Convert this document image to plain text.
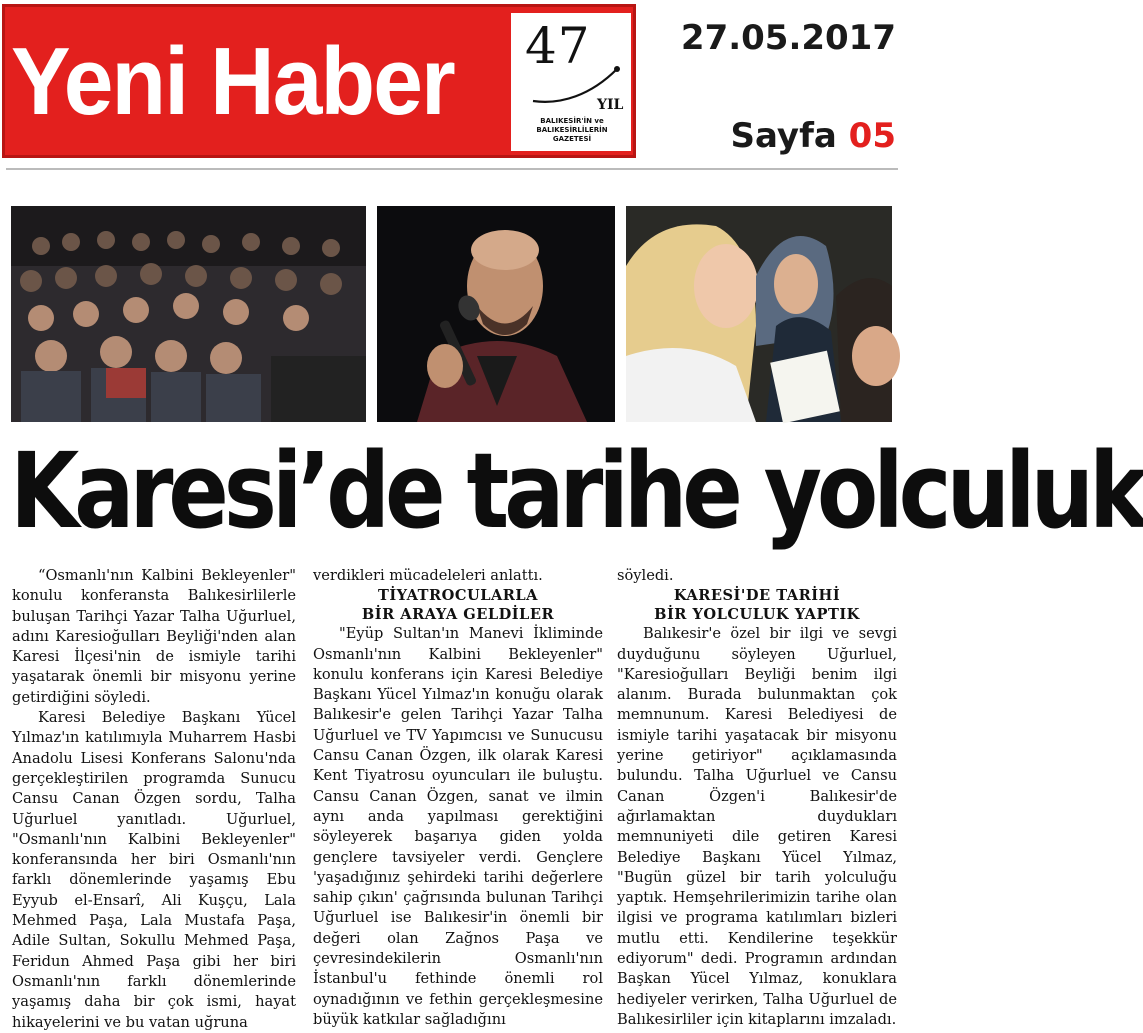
Yeni Haber	47
YIL
BALIKESİR'İN ve
BALIKESİRLİLERİN
GAZETESİ
27.05.2017
Sayfa 05
Karesi’de tarihe yolculuk

“Osmanlı'nın Kalbini Bekleyenler" konulu konferansta Balıkesirlilerle buluşan Tarihçi Yazar Talha Uğurluel, adını Karesioğulları Beyliği'nden alan Karesi İlçesi'nin de ismiyle tarihi yaşatarak önemli bir misyonu yerine getirdiğini söyledi.

Karesi Belediye Başkanı Yücel Yılmaz'ın katılımıyla Muharrem Hasbi Anadolu Lisesi Konferans Salonu'nda gerçekleştirilen programda Sunucu Cansu Canan Özgen sordu, Talha Uğurluel yanıtladı. Uğurluel, "Osmanlı'nın Kalbini Bekleyenler" konferansında her biri Osmanlı'nın farklı dönemlerinde yaşamış Ebu Eyyub el-Ensarî, Ali Kuşçu, Lala Mehmed Paşa, Lala Mustafa Paşa, Adile Sultan, Sokullu Mehmed Paşa, Feridun Ahmed Paşa gibi her biri Osmanlı'nın farklı dönemlerinde yaşamış daha bir çok ismi, hayat hikayelerini ve bu vatan uğruna

verdikleri mücadeleleri anlattı.

TİYATROCULARLA
BİR ARAYA GELDİLER

"Eyüp Sultan'ın Manevi İkliminde Osmanlı'nın Kalbini Bekleyenler" konulu konferans için Karesi Belediye Başkanı Yücel Yılmaz'ın konuğu olarak Balıkesir'e gelen Tarihçi Yazar Talha Uğurluel ve TV Yapımcısı ve Sunucusu Cansu Canan Özgen, ilk olarak Karesi Kent Tiyatrosu oyuncuları ile buluştu. Cansu Canan Özgen, sanat ve ilmin aynı anda yapılması gerektiğini söyleyerek başarıya giden yolda gençlere tavsiyeler verdi. Gençlere 'yaşadığınız şehirdeki tarihi değerlere sahip çıkın' çağrısında bulunan Tarihçi Uğurluel ise Balıkesir'in önemli bir değeri olan Zağnos Paşa ve çevresindekilerin Osmanlı'nın İstanbul'u fethinde önemli rol oynadığının ve fethin gerçekleşmesine büyük katkılar sağladığını

söyledi.

KARESİ'DE TARİHİ
BİR YOLCULUK YAPTIK

Balıkesir'e özel bir ilgi ve sevgi duyduğunu söyleyen Uğurluel, "Karesioğulları Beyliği benim ilgi alanım. Burada bulunmaktan çok memnunum. Karesi Belediyesi de ismiyle tarihi yaşatacak bir misyonu yerine getiriyor" açıklamasında bulundu. Talha Uğurluel ve Cansu Canan Özgen'i Balıkesir'de ağırlamaktan duydukları memnuniyeti dile getiren Karesi Belediye Başkanı Yücel Yılmaz, "Bugün güzel bir tarih yolculuğu yaptık. Hemşehrilerimizin tarihe olan ilgisi ve programa katılımları bizleri mutlu etti. Kendilerine teşekkür ediyorum" dedi. Programın ardından Başkan Yücel Yılmaz, konuklara hediyeler verirken, Talha Uğurluel de Balıkesirliler için kitaplarını imzaladı.
